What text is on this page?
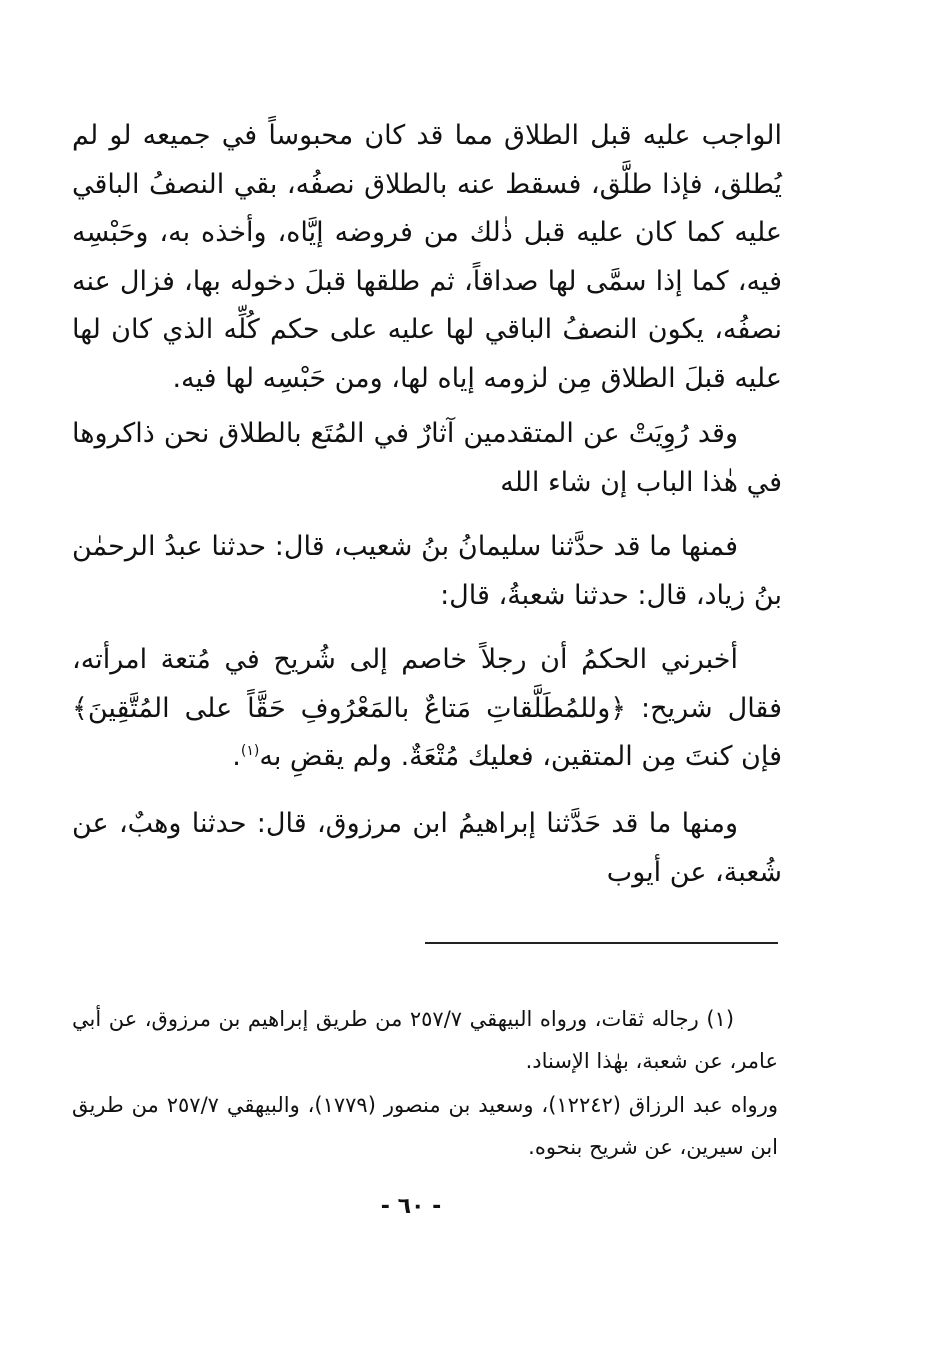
الواجب عليه قبل الطلاق مما قد كان محبوساً في جميعه لو لم يُطلق، فإذا طلَّق، فسقط عنه بالطلاق نصفُه، بقي النصفُ الباقي عليه كما كان عليه قبل ذٰلك من فروضه إيَّاه، وأخذه به، وحَبْسِه فيه، كما إذا سمَّى لها صداقاً، ثم طلقها قبلَ دخوله بها، فزال عنه نصفُه، يكون النصفُ الباقي لها عليه على حكم كُلِّه الذي كان لها عليه قبلَ الطلاق مِن لزومه إياه لها، ومن حَبْسِه لها فيه.

وقد رُوِيَتْ عن المتقدمين آثارٌ في المُتَع بالطلاق نحن ذاكروها في هٰذا الباب إن شاء الله

فمنها ما قد حدَّثنا سليمانُ بنُ شعيب، قال: حدثنا عبدُ الرحمٰن بنُ زياد، قال: حدثنا شعبةُ، قال:

أخبرني الحكمُ أن رجلاً خاصم إلى شُريح في مُتعة امرأته، فقال شريح: ﴿وللمُطَلَّقاتِ مَتاعٌ بالمَعْرُوفِ حَقَّاً على المُتَّقِينَ﴾ فإن كنتَ مِن المتقين، فعليك مُتْعَةٌ. ولم يقضِ به$^{(١)}$.

ومنها ما قد حَدَّثنا إبراهيمُ ابن مرزوق، قال: حدثنا وهبٌ، عن شُعبة، عن أيوب

(١) رجاله ثقات، ورواه البيهقي ٢٥٧/٧ من طريق إبراهيم بن مرزوق، عن أبي عامر، عن شعبة، بهٰذا الإسناد.

ورواه عبد الرزاق (١٢٢٤٢)، وسعيد بن منصور (١٧٧٩)، والبيهقي ٢٥٧/٧ من طريق ابن سيرين، عن شريح بنحوه.

- ٦٠ -
